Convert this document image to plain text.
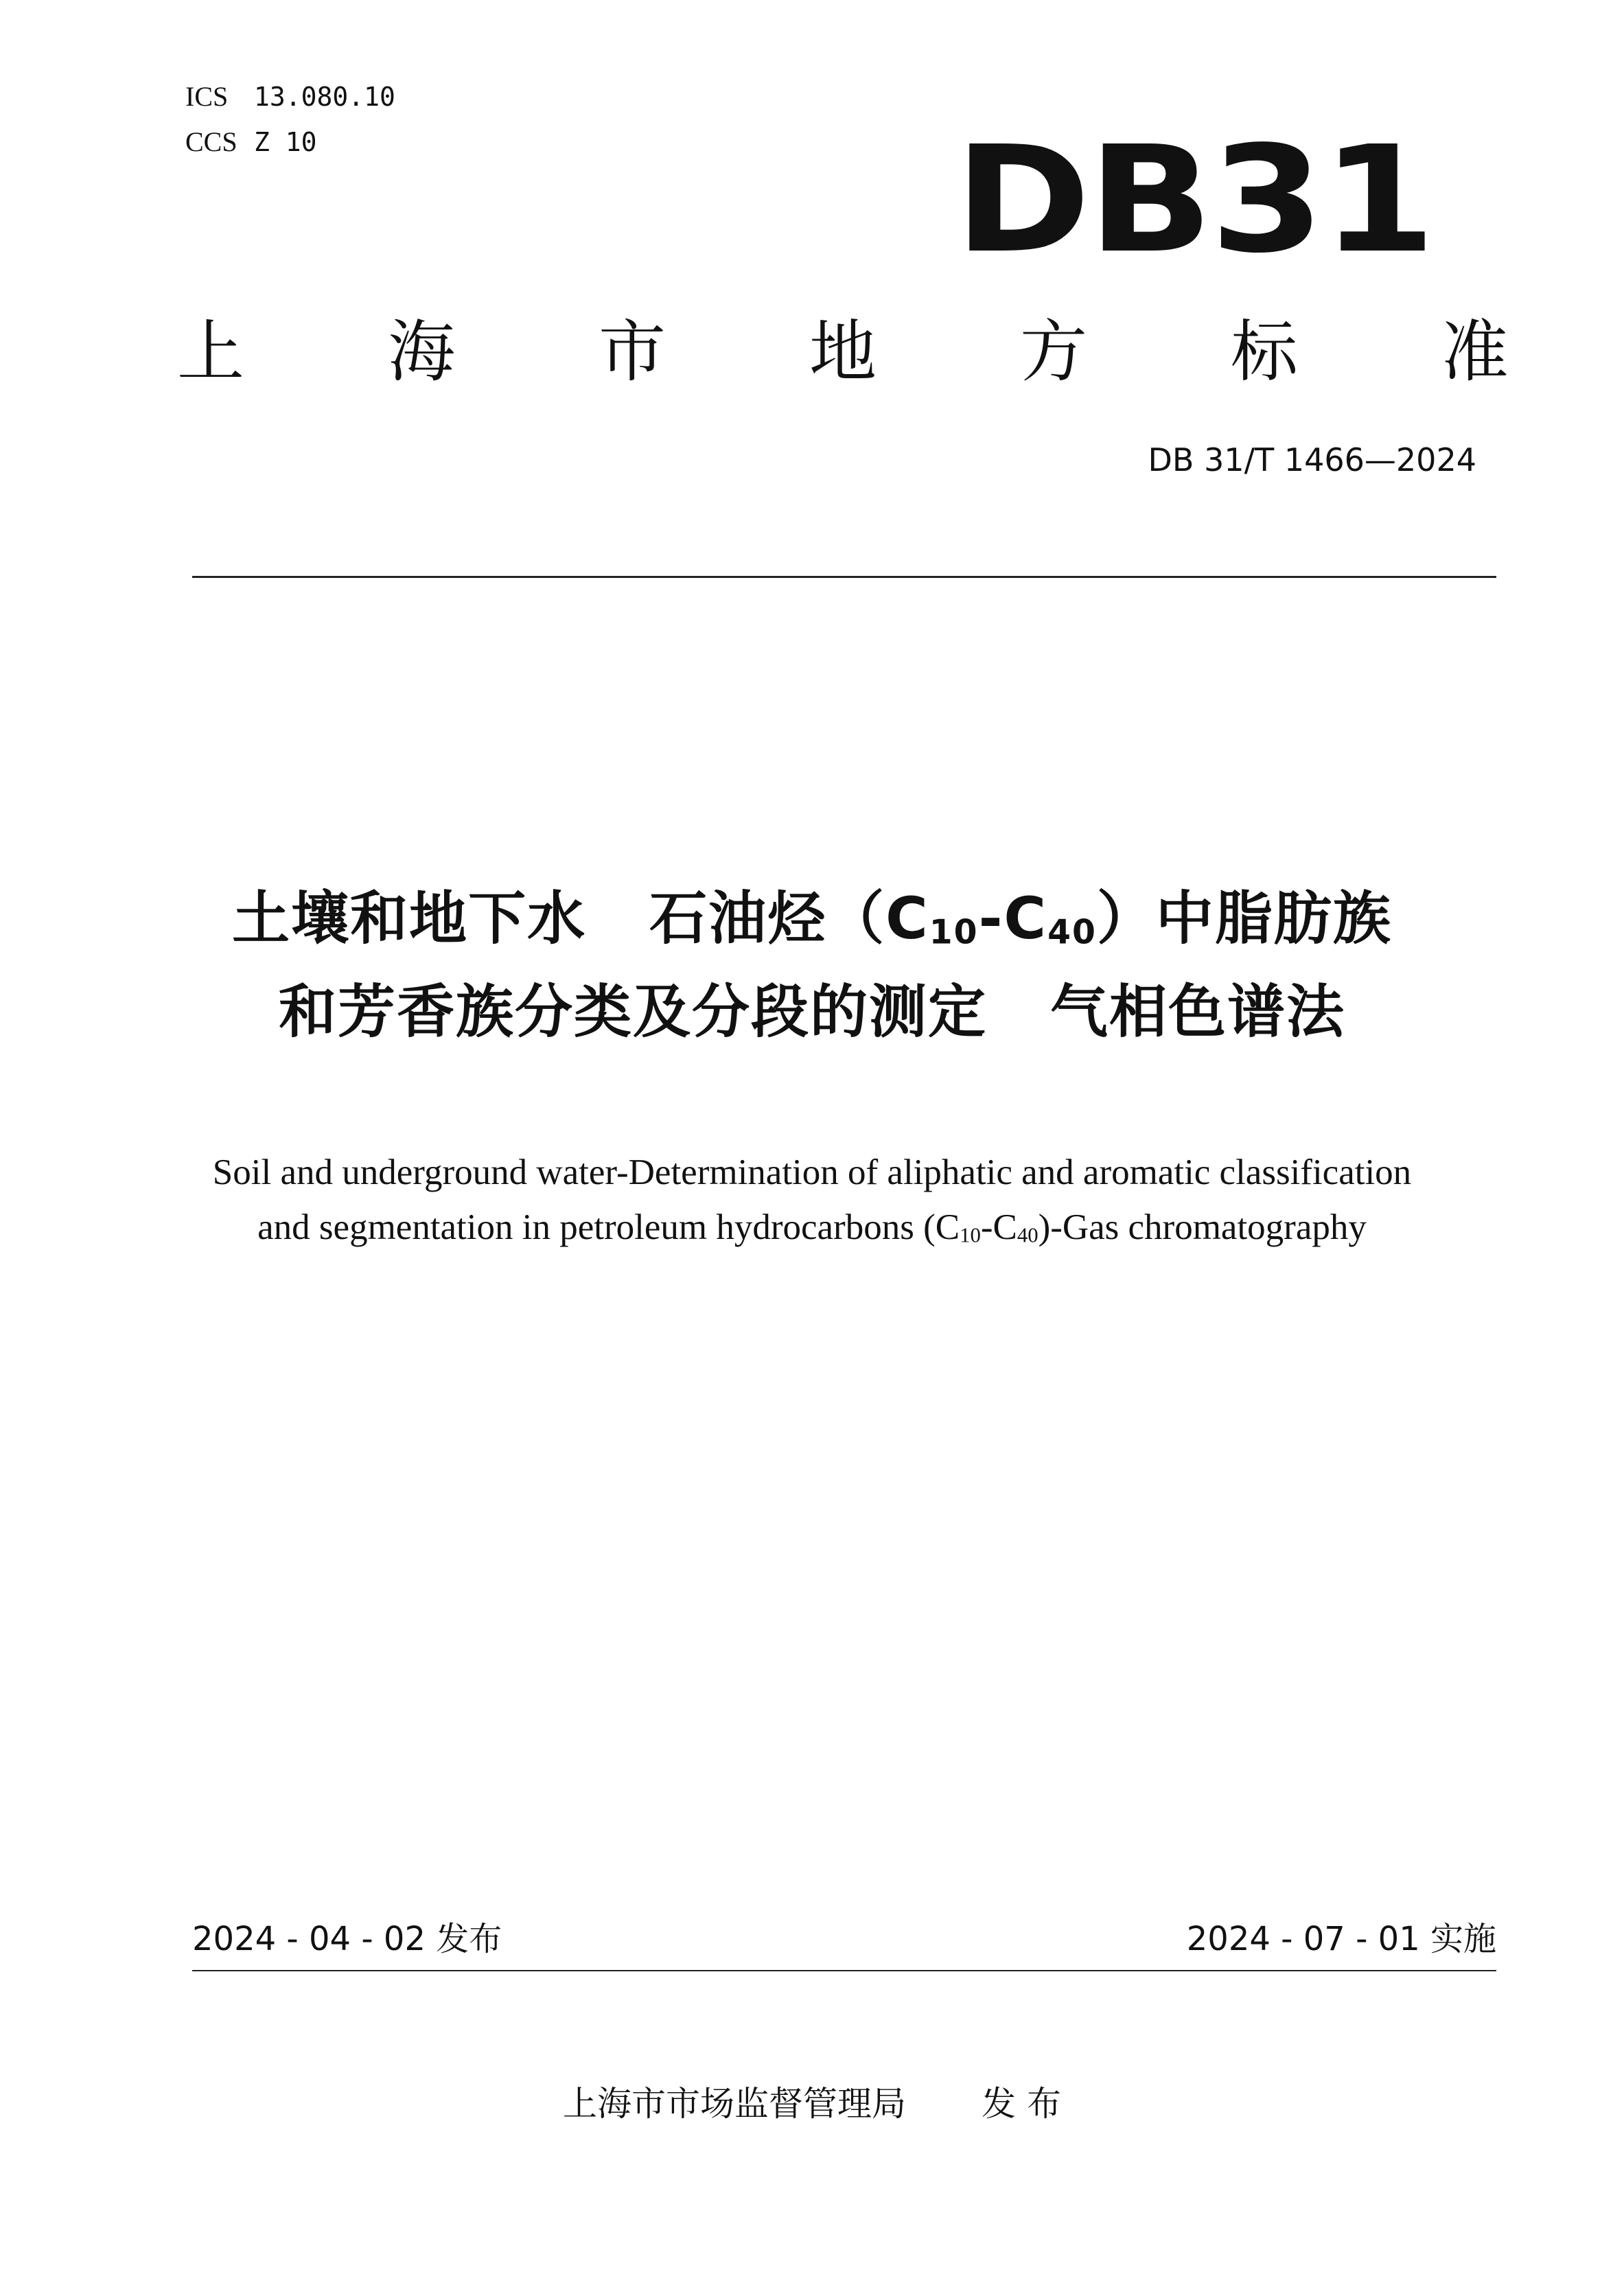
ICS 13.080.10
CCS Z 10	DB31
上 海 市 地 方 标 准
DB 31/T 1466—2024
土壤和地下水 石油烃$(C_{10}-C_{40})$中脂肪族
和芳香族分类及分段的测定 气相色谱法
Soil and underground water-Determination of aliphatic and aromatic classification
and segmentation in petroleum hydrocarbons $(C_{10}-C_{40})$-Gas chromatography
2024 - 04 - 02 发布	2024 - 07 - 01 实施
上海市市场监督管理局 发 布
